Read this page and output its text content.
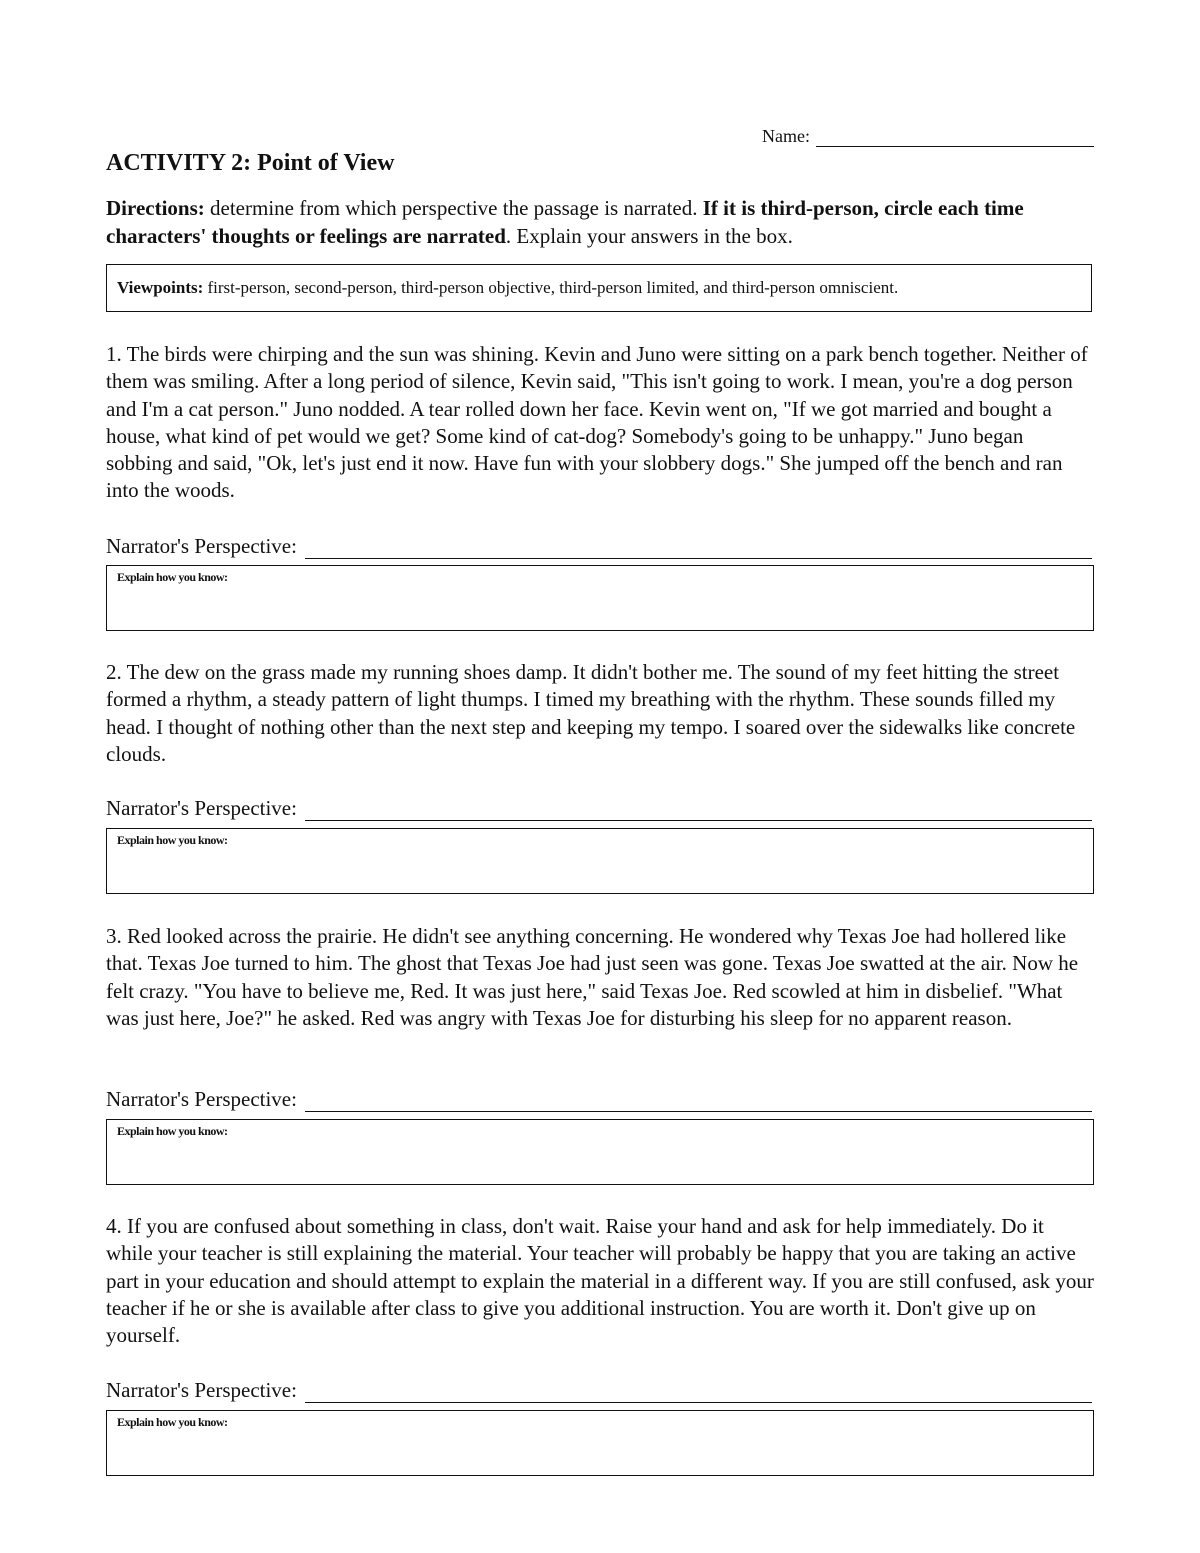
Name:
ACTIVITY 2: Point of View

Directions: determine from which perspective the passage is narrated. If it is third-person, circle each time characters' thoughts or feelings are narrated. Explain your answers in the box.

Viewpoints: first-person, second-person, third-person objective, third-person limited, and third-person omniscient.

1. The birds were chirping and the sun was shining. Kevin and Juno were sitting on a park bench together. Neither of them was smiling. After a long period of silence, Kevin said, "This isn't going to work. I mean, you're a dog person and I'm a cat person." Juno nodded. A tear rolled down her face. Kevin went on, "If we got married and bought a house, what kind of pet would we get? Some kind of cat-dog? Somebody's going to be unhappy." Juno began sobbing and said, "Ok, let's just end it now. Have fun with your slobbery dogs." She jumped off the bench and ran into the woods.

Narrator's Perspective:
Explain how you know:

2. The dew on the grass made my running shoes damp. It didn't bother me. The sound of my feet hitting the street formed a rhythm, a steady pattern of light thumps. I timed my breathing with the rhythm. These sounds filled my head. I thought of nothing other than the next step and keeping my tempo. I soared over the sidewalks like concrete clouds.

Narrator's Perspective:
Explain how you know:

3. Red looked across the prairie. He didn't see anything concerning. He wondered why Texas Joe had hollered like that. Texas Joe turned to him. The ghost that Texas Joe had just seen was gone. Texas Joe swatted at the air. Now he felt crazy. "You have to believe me, Red. It was just here," said Texas Joe. Red scowled at him in disbelief. "What was just here, Joe?" he asked. Red was angry with Texas Joe for disturbing his sleep for no apparent reason.

Narrator's Perspective:
Explain how you know:

4. If you are confused about something in class, don't wait. Raise your hand and ask for help immediately. Do it while your teacher is still explaining the material. Your teacher will probably be happy that you are taking an active part in your education and should attempt to explain the material in a different way. If you are still confused, ask your teacher if he or she is available after class to give you additional instruction. You are worth it. Don't give up on yourself.

Narrator's Perspective:
Explain how you know:
